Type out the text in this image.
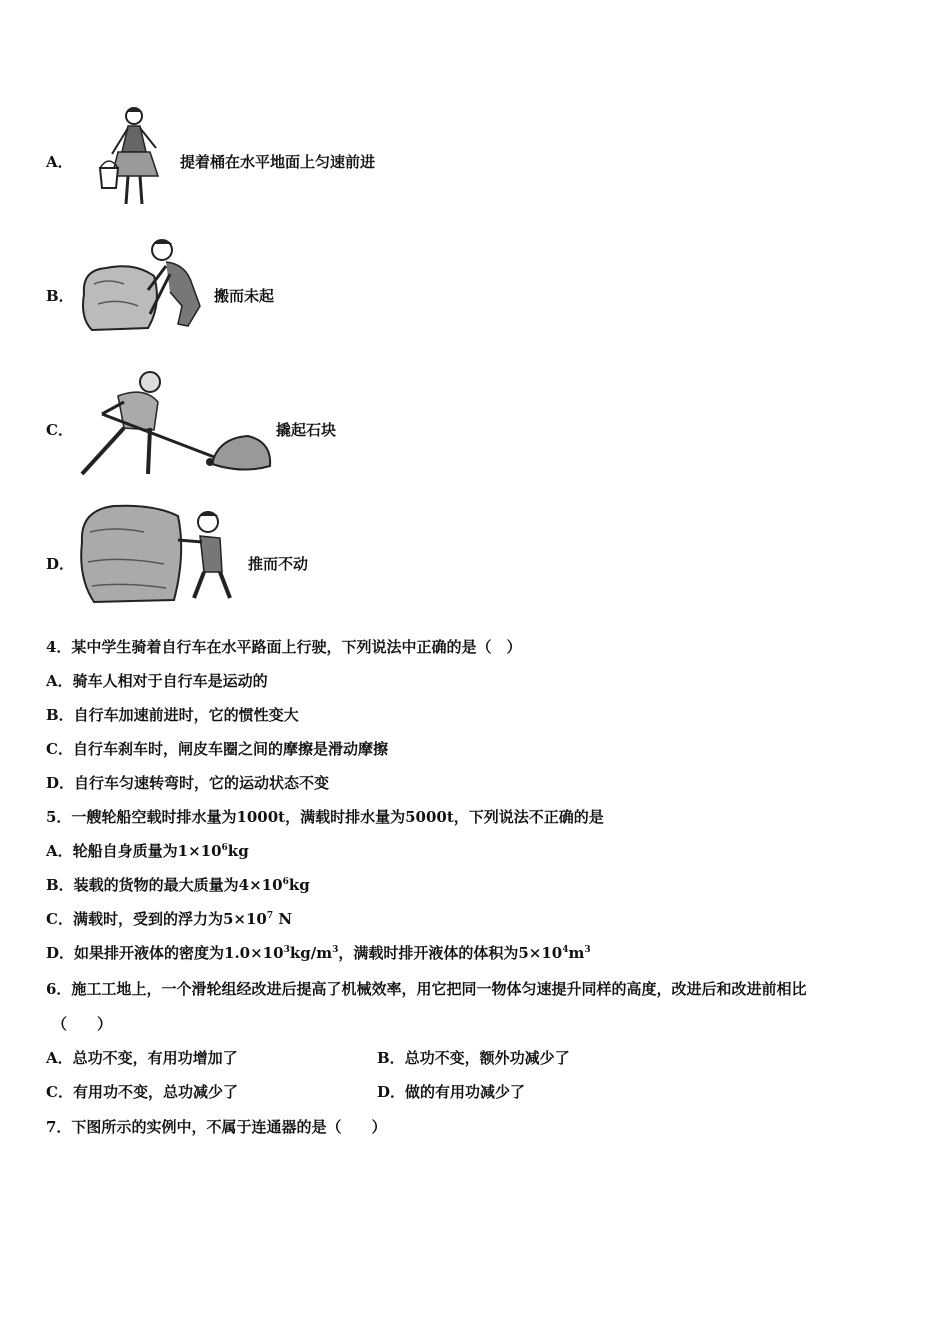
A．	提着桶在水平地面上匀速前进
B．	搬而未起
C．	撬起石块
D．	推而不动
4．某中学生骑着自行车在水平路面上行驶，下列说法中正确的是（　）
A．骑车人相对于自行车是运动的
B．自行车加速前进时，它的惯性变大
C．自行车刹车时，闸皮车圈之间的摩擦是滑动摩擦
D．自行车匀速转弯时，它的运动状态不变
5．一艘轮船空载时排水量为1000t，满载时排水量为5000t，下列说法不正确的是
A．轮船自身质量为$1\times 10^6kg$
B．装载的货物的最大质量为$4\times 10^6kg$
C．满载时，受到的浮力为$5\times 10^7$ N
D．如果排开液体的密度为$1.0\times 10^3kg/m^3$，满载时排开液体的体积为$5\times 10^4m^3$
6．施工工地上，一个滑轮组经改进后提高了机械效率，用它把同一物体匀速提升同样的高度，改进后和改进前相比
（　　）
A．总功不变，有用功增加了	B．总功不变，额外功减少了
C．有用功不变，总功减少了	D．做的有用功减少了
7．下图所示的实例中，不属于连通器的是（　　）
